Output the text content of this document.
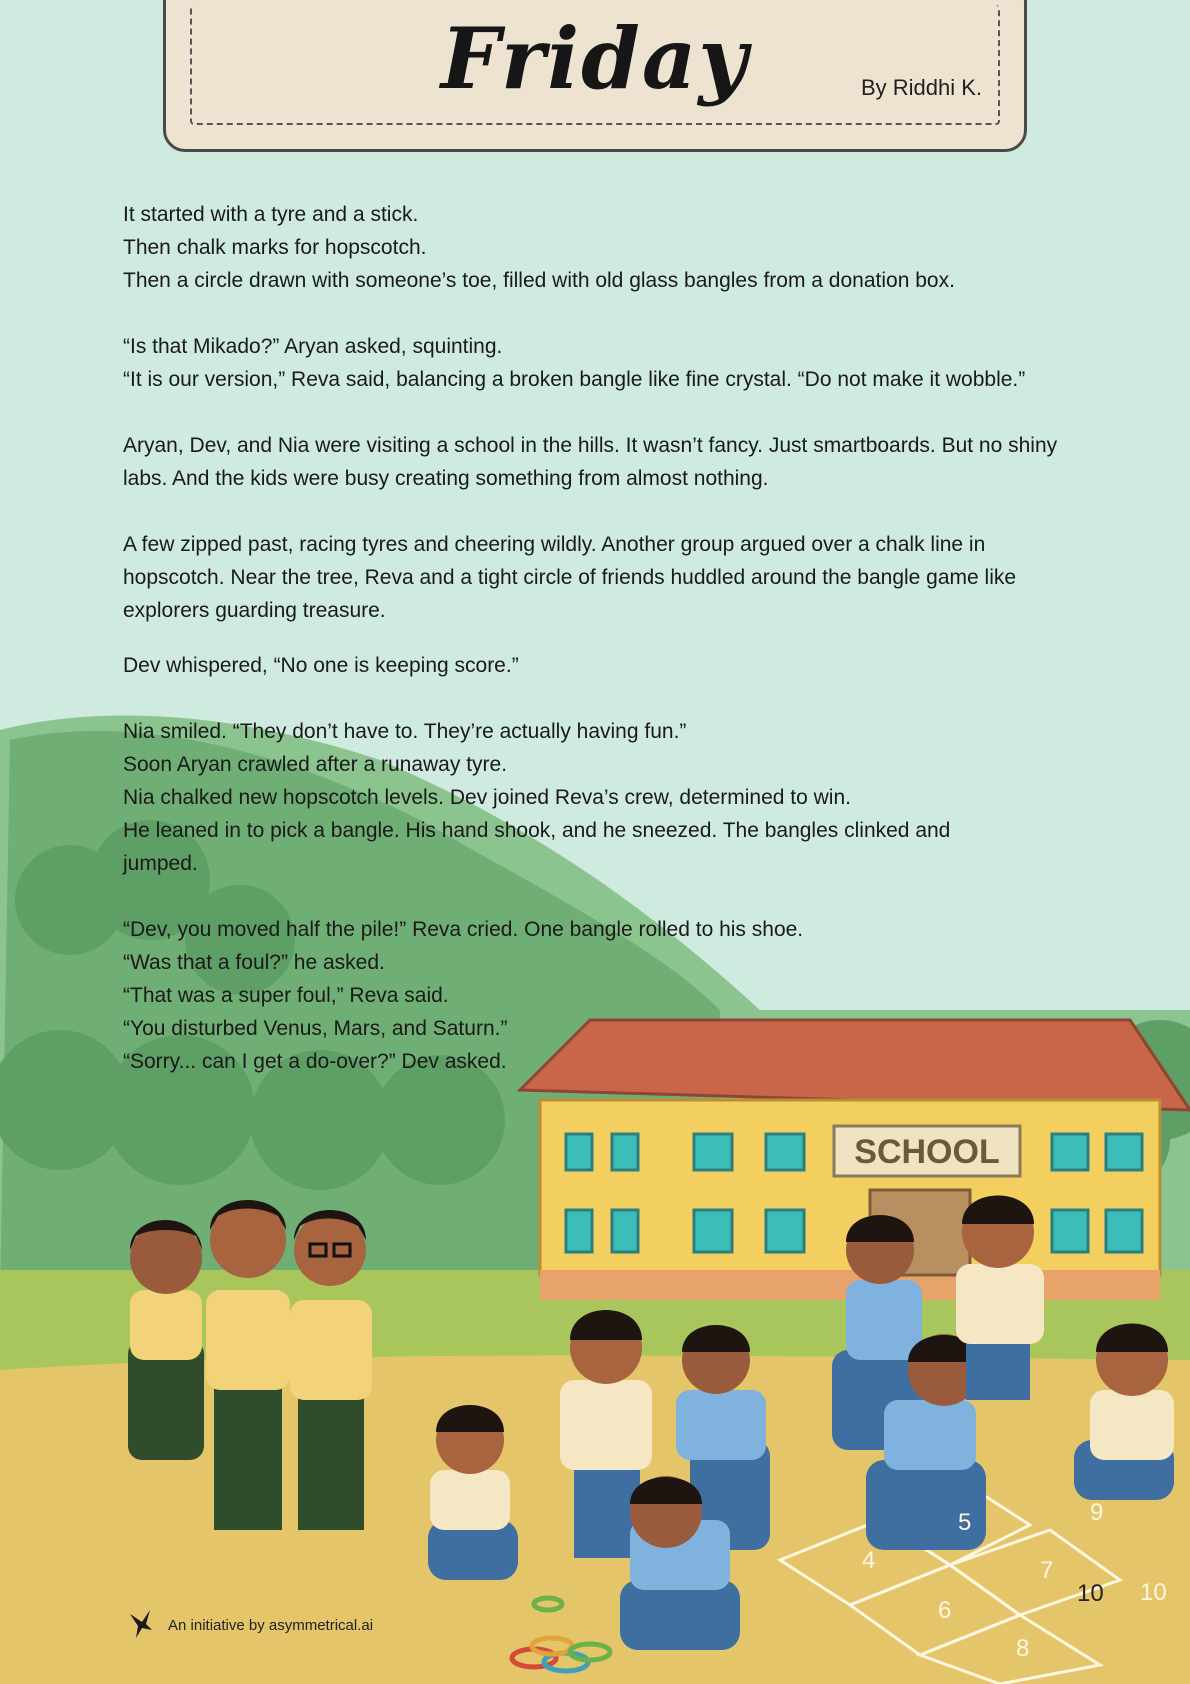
SCHOOL
4
5
6
7
8
9
10
Friday	By Riddhi K.

It started with a tyre and a stick.

Then chalk marks for hopscotch.

Then a circle drawn with someone’s toe, filled with old glass bangles from a donation box.

“Is that Mikado?” Aryan asked, squinting.

“It is our version,” Reva said, balancing a broken bangle like fine crystal. “Do not make it wobble.”

Aryan, Dev, and Nia were visiting a school in the hills. It wasn’t fancy. Just smartboards. But no shiny labs. And the kids were busy creating something from almost nothing.

A few zipped past, racing tyres and cheering wildly. Another group argued over a chalk line in hopscotch. Near the tree, Reva and a tight circle of friends huddled around the bangle game like explorers guarding treasure.

Dev whispered, “No one is keeping score.”

Nia smiled. “They don’t have to. They’re actually having fun.”

Soon Aryan crawled after a runaway tyre.

Nia chalked new hopscotch levels. Dev joined Reva’s crew, determined to win.

He leaned in to pick a bangle. His hand shook, and he sneezed. The bangles clinked and jumped.

“Dev, you moved half the pile!” Reva cried. One bangle rolled to his shoe.

“Was that a foul?” he asked.

“That was a super foul,” Reva said.

“You disturbed Venus, Mars, and Saturn.”

“Sorry... can I get a do-over?” Dev asked.

An initiative by asymmetrical.ai
10
